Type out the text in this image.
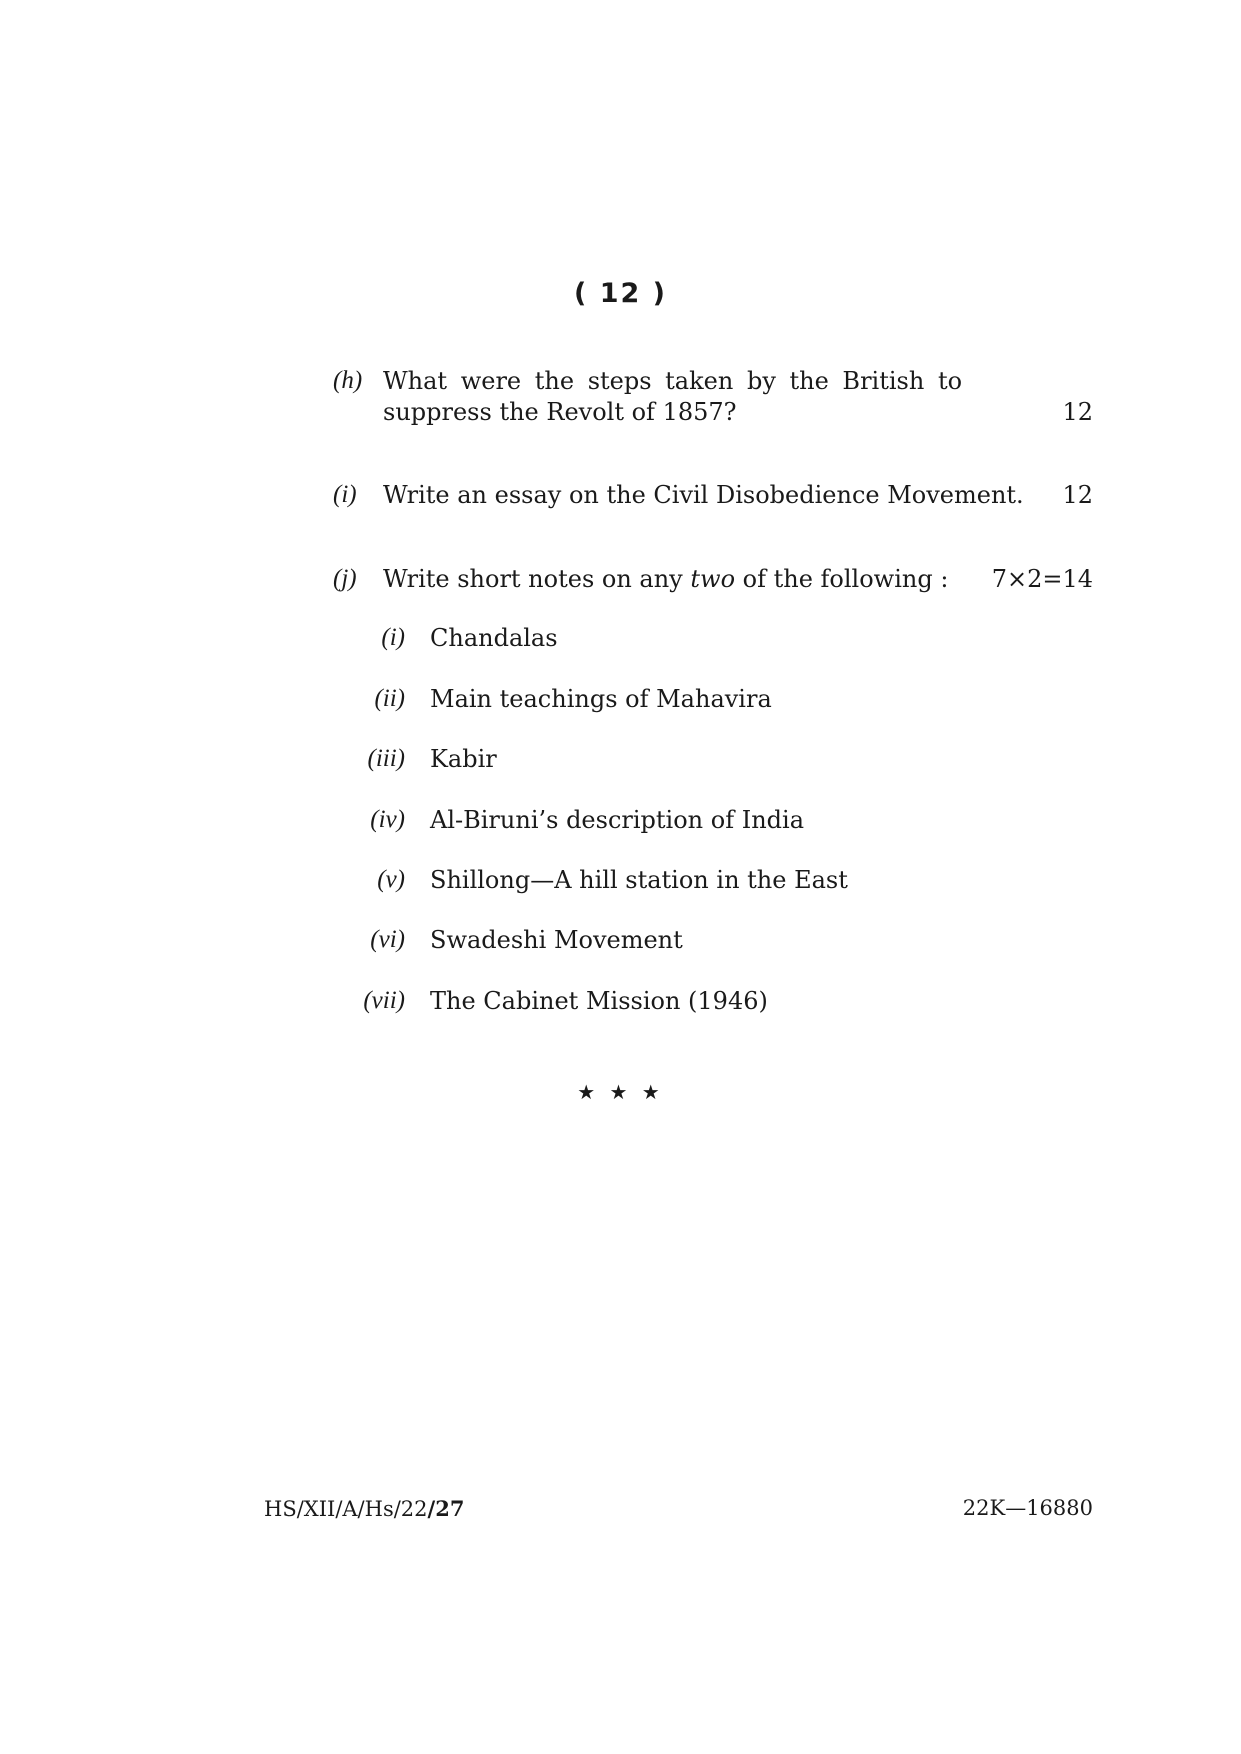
( 12 )
(h) What were the steps taken by the British to
suppress the Revolt of 1857?	12
(i) Write an essay on the Civil Disobedience Movement. 12
(j) Write short notes on any two of the following : 7×2=14
(i) Chandalas
(ii) Main teachings of Mahavira
(iii) Kabir
(iv) Al-Biruni’s description of India
(v) Shillong—A hill station in the East
(vi) Swadeshi Movement
(vii) The Cabinet Mission (1946)
★ ★ ★
HS/XII/A/Hs/22/27	22K—16880
